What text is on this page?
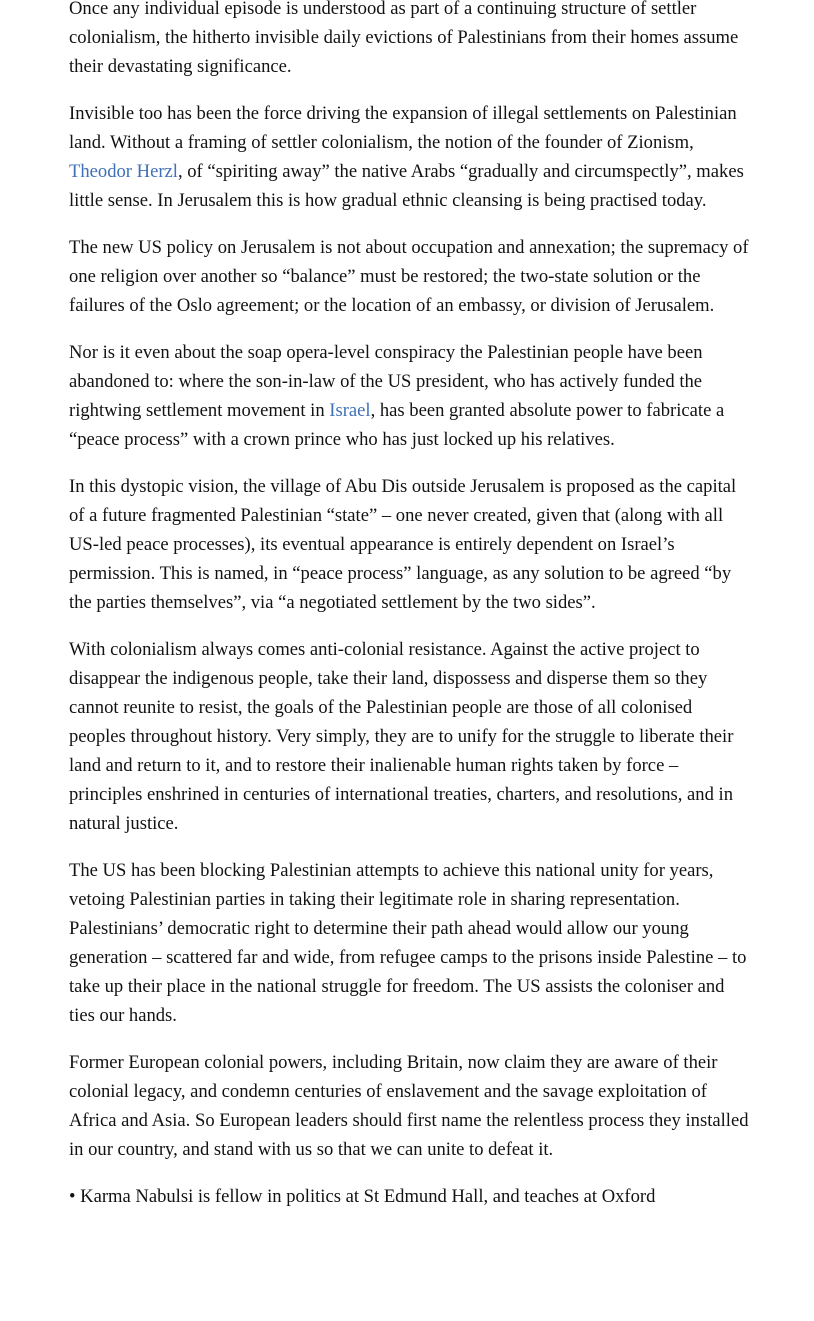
Once any individual episode is understood as part of a continuing structure of settler colonialism, the hitherto invisible daily evictions of Palestinians from their homes assume their devastating significance.

Invisible too has been the force driving the expansion of illegal settlements on Palestinian land. Without a framing of settler colonialism, the notion of the founder of Zionism, Theodor Herzl, of “spiriting away” the native Arabs “gradually and circumspectly”, makes little sense. In Jerusalem this is how gradual ethnic cleansing is being practised today.

The new US policy on Jerusalem is not about occupation and annexation; the supremacy of one religion over another so “balance” must be restored; the two-state solution or the failures of the Oslo agreement; or the location of an embassy, or division of Jerusalem.

Nor is it even about the soap opera-level conspiracy the Palestinian people have been abandoned to: where the son-in-law of the US president, who has actively funded the rightwing settlement movement in Israel, has been granted absolute power to fabricate a “peace process” with a crown prince who has just locked up his relatives.

In this dystopic vision, the village of Abu Dis outside Jerusalem is proposed as the capital of a future fragmented Palestinian “state” – one never created, given that (along with all US-led peace processes), its eventual appearance is entirely dependent on Israel’s permission. This is named, in “peace process” language, as any solution to be agreed “by the parties themselves”, via “a negotiated settlement by the two sides”.

With colonialism always comes anti-colonial resistance. Against the active project to disappear the indigenous people, take their land, dispossess and disperse them so they cannot reunite to resist, the goals of the Palestinian people are those of all colonised peoples throughout history. Very simply, they are to unify for the struggle to liberate their land and return to it, and to restore their inalienable human rights taken by force – principles enshrined in centuries of international treaties, charters, and resolutions, and in natural justice.

The US has been blocking Palestinian attempts to achieve this national unity for years, vetoing Palestinian parties in taking their legitimate role in sharing representation. Palestinians’ democratic right to determine their path ahead would allow our young generation – scattered far and wide, from refugee camps to the prisons inside Palestine – to take up their place in the national struggle for freedom. The US assists the coloniser and ties our hands.

Former European colonial powers, including Britain, now claim they are aware of their colonial legacy, and condemn centuries of enslavement and the savage exploitation of Africa and Asia. So European leaders should first name the relentless process they installed in our country, and stand with us so that we can unite to defeat it.

• Karma Nabulsi is fellow in politics at St Edmund Hall, and teaches at Oxford
